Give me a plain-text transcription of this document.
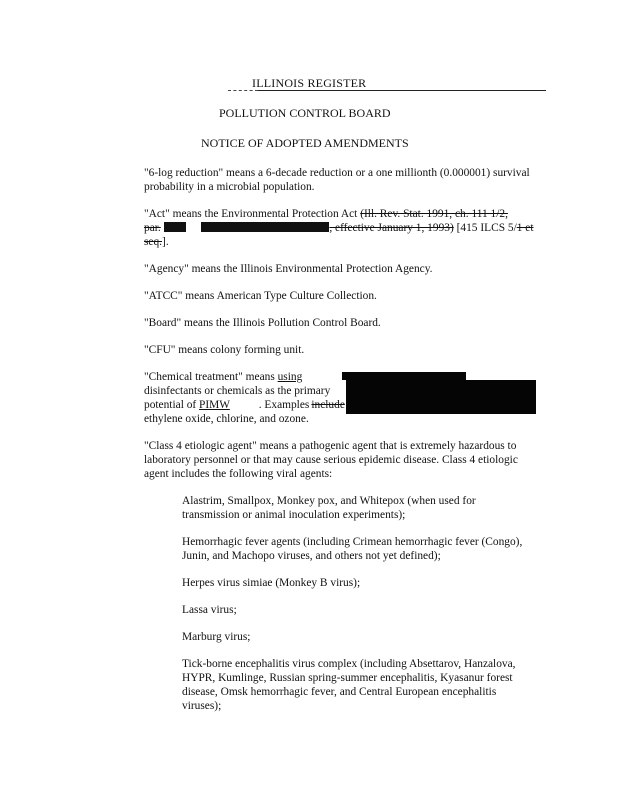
ILLINOIS REGISTER
POLLUTION CONTROL BOARD
NOTICE OF ADOPTED AMENDMENTS

"6-log reduction" means a 6-decade reduction or a one millionth (0.000001) survival probability in a microbial population.

"Act" means the Environmental Protection Act (Ill. Rev. Stat. 1991, ch. 111 1/2,
par.	, effective January 1, 1993) [415 ILCS 5/1 et seq.].

"Agency" means the Illinois Environmental Protection Agency.

"ATCC" means American Type Culture Collection.

"Board" means the Illinois Pollution Control Board.

"CFU" means colony forming unit.

"Chemical treatment" means using
disinfectants or chemicals as the primary
potential of PIMW	. Examples include
ethylene oxide, chlorine, and ozone.

"Class 4 etiologic agent" means a pathogenic agent that is extremely hazardous to laboratory personnel or that may cause serious epidemic disease. Class 4 etiologic agent includes the following viral agents:

Alastrim, Smallpox, Monkey pox, and Whitepox (when used for transmission or animal inoculation experiments);

Hemorrhagic fever agents (including Crimean hemorrhagic fever (Congo), Junin, and Machopo viruses, and others not yet defined);

Herpes virus simiae (Monkey B virus);

Lassa virus;

Marburg virus;

Tick-borne encephalitis virus complex (including Absettarov, Hanzalova, HYPR, Kumlinge, Russian spring-summer encephalitis, Kyasanur forest disease, Omsk hemorrhagic fever, and Central European encephalitis viruses);
